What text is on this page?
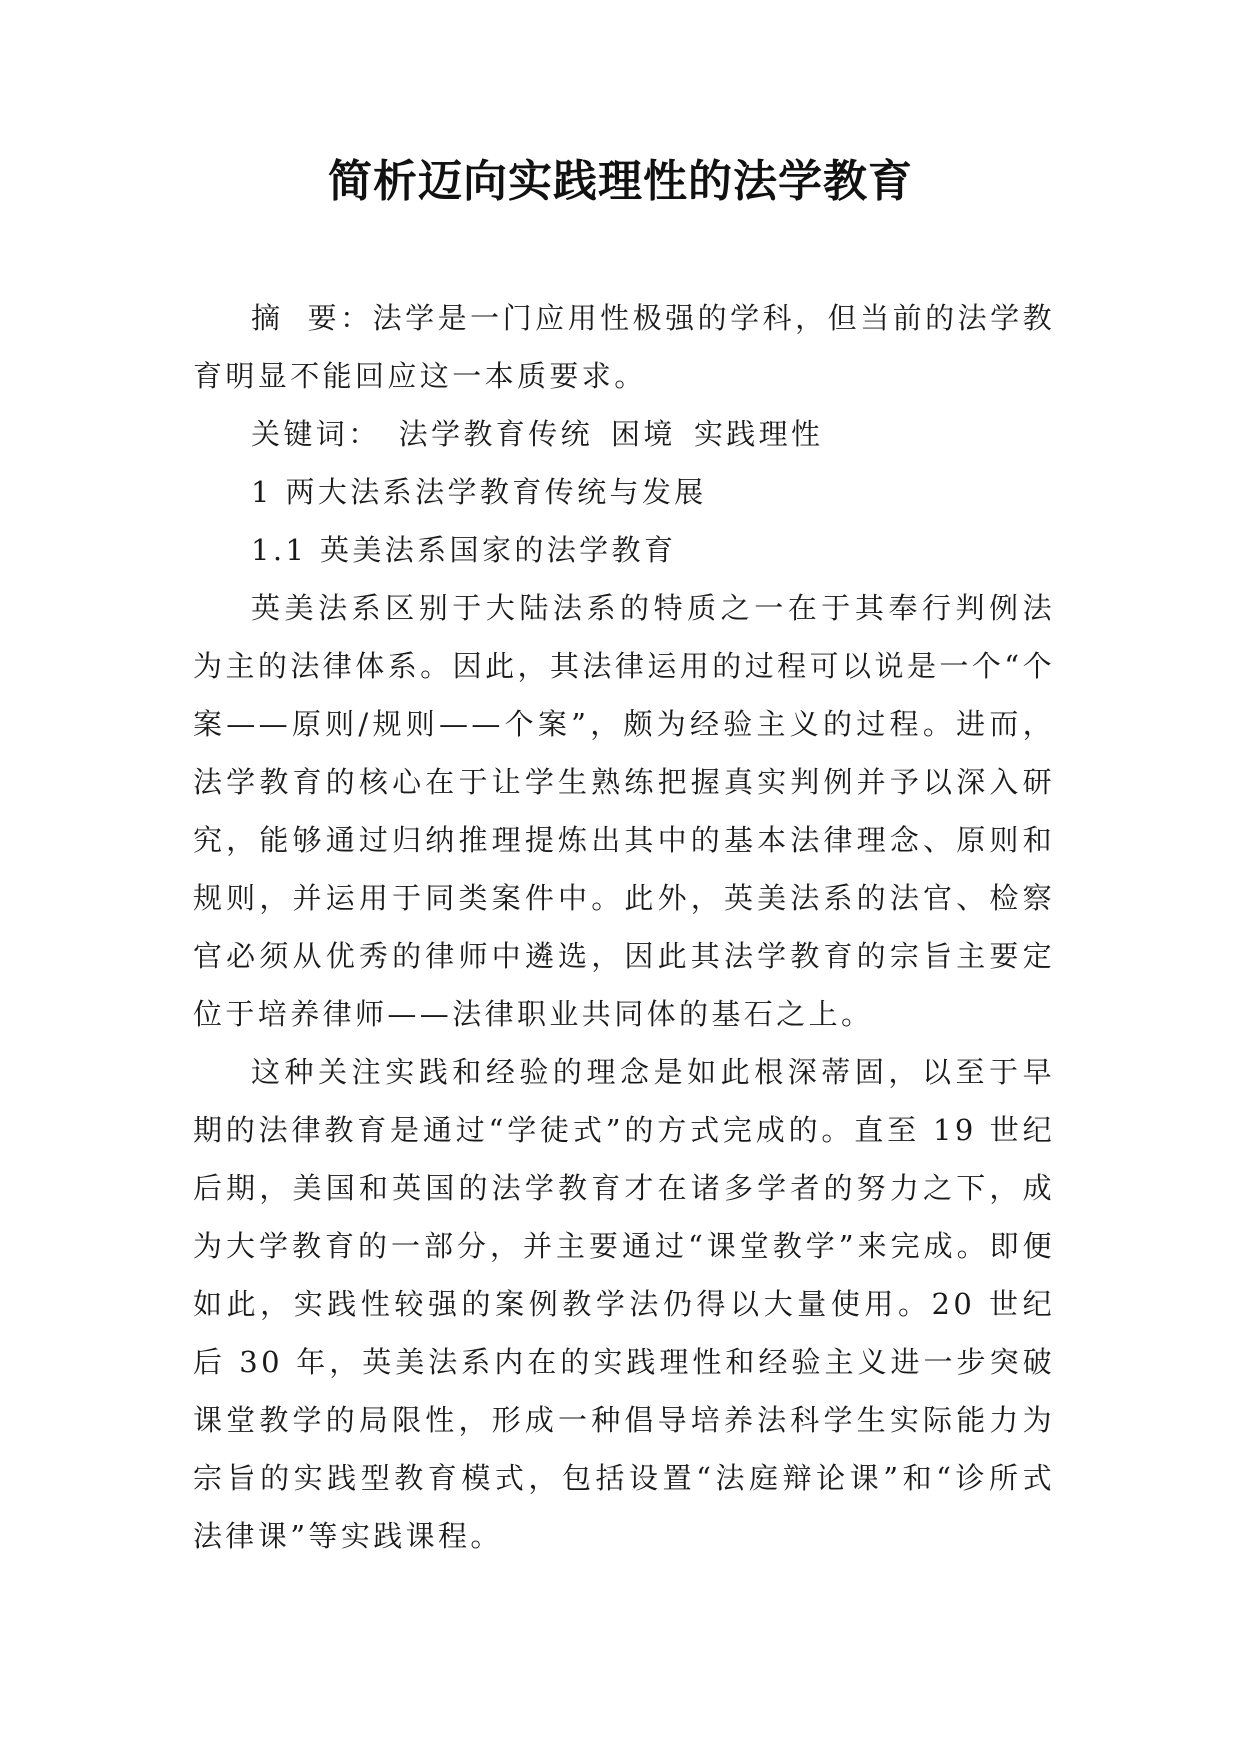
简析迈向实践理性的法学教育

摘 要：法学是一门应用性极强的学科，但当前的法学教育明显不能回应这一本质要求。

关键词： 法学教育传统 困境 实践理性

1 两大法系法学教育传统与发展

1.1 英美法系国家的法学教育

英美法系区别于大陆法系的特质之一在于其奉行判例法为主的法律体系。因此，其法律运用的过程可以说是一个“个案——原则/规则——个案”，颇为经验主义的过程。进而，法学教育的核心在于让学生熟练把握真实判例并予以深入研究，能够通过归纳推理提炼出其中的基本法律理念、原则和规则，并运用于同类案件中。此外，英美法系的法官、检察官必须从优秀的律师中遴选，因此其法学教育的宗旨主要定位于培养律师——法律职业共同体的基石之上。

这种关注实践和经验的理念是如此根深蒂固，以至于早期的法律教育是通过“学徒式”的方式完成的。直至 19 世纪后期，美国和英国的法学教育才在诸多学者的努力之下，成为大学教育的一部分，并主要通过“课堂教学”来完成。即便如此，实践性较强的案例教学法仍得以大量使用。20 世纪后 30 年，英美法系内在的实践理性和经验主义进一步突破课堂教学的局限性，形成一种倡导培养法科学生实际能力为宗旨的实践型教育模式，包括设置“法庭辩论课”和“诊所式法律课”等实践课程。
